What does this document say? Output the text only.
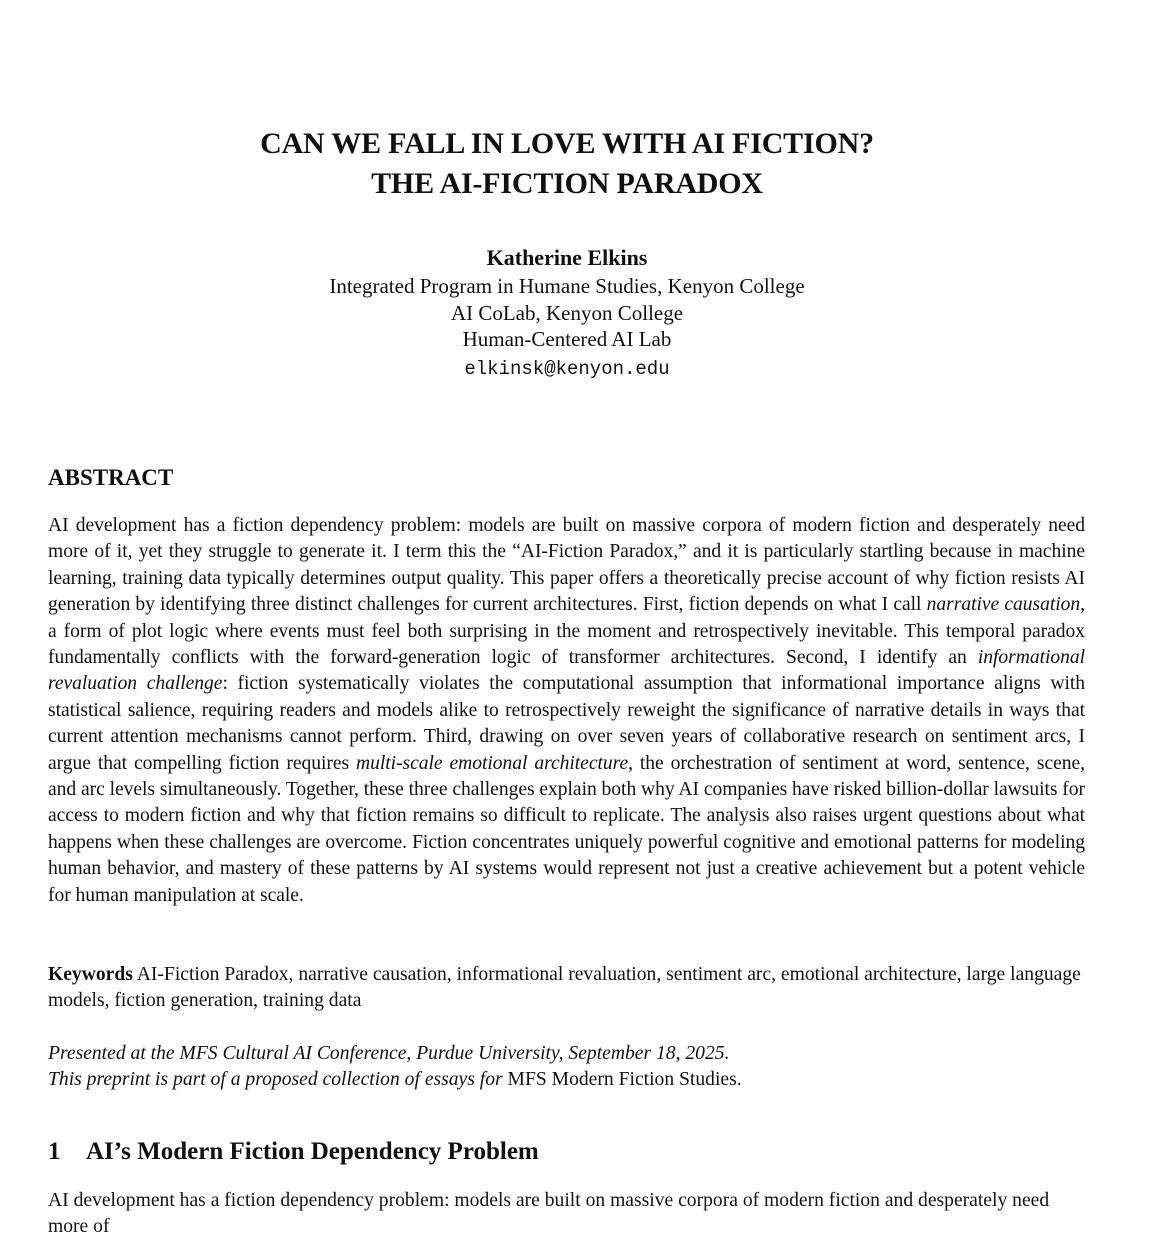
CAN WE FALL IN LOVE WITH AI FICTION?
THE AI-FICTION PARADOX
Katherine Elkins
Integrated Program in Humane Studies, Kenyon College
AI CoLab, Kenyon College
Human-Centered AI Lab
elkinsk@kenyon.edu
ABSTRACT

AI development has a fiction dependency problem: models are built on massive corpora of modern fiction and desperately need more of it, yet they struggle to generate it. I term this the “AI-Fiction Paradox,” and it is particularly startling because in machine learning, training data typically determines output quality. This paper offers a theoretically precise account of why fiction resists AI generation by identifying three distinct challenges for current architectures. First, fiction depends on what I call narrative causation, a form of plot logic where events must feel both surprising in the moment and retrospectively inevitable. This temporal paradox fundamentally conflicts with the forward-generation logic of transformer architectures. Second, I identify an informational revaluation challenge: fiction systematically violates the computational assumption that informational importance aligns with statistical salience, requiring readers and models alike to retrospectively reweight the significance of narrative details in ways that current attention mechanisms cannot perform. Third, drawing on over seven years of collaborative research on sentiment arcs, I argue that compelling fiction requires multi-scale emotional architecture, the orchestration of sentiment at word, sentence, scene, and arc levels simultaneously. Together, these three challenges explain both why AI companies have risked billion-dollar lawsuits for access to modern fiction and why that fiction remains so difficult to replicate. The analysis also raises urgent questions about what happens when these challenges are overcome. Fiction concentrates uniquely powerful cognitive and emotional patterns for modeling human behavior, and mastery of these patterns by AI systems would represent not just a creative achievement but a potent vehicle for human manipulation at scale.

Keywords AI-Fiction Paradox, narrative causation, informational revaluation, sentiment arc, emotional architecture, large language models, fiction generation, training data

Presented at the MFS Cultural AI Conference, Purdue University, September 18, 2025.
This preprint is part of a proposed collection of essays for MFS Modern Fiction Studies.

1 AI’s Modern Fiction Dependency Problem
AI development has a fiction dependency problem: models are built on massive corpora of modern fiction and desperately need more of
